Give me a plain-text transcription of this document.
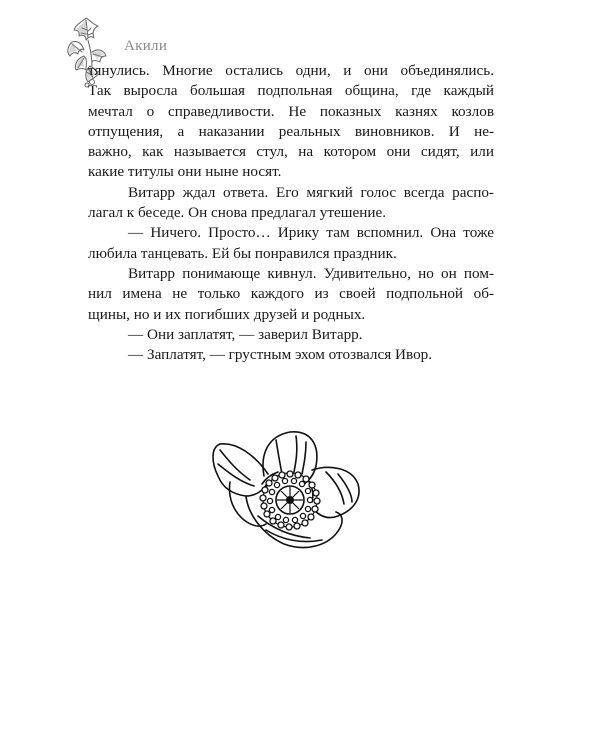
Акили
тянулись. Многие остались одни, и они объединялись.
Так выросла большая подпольная община, где каждый
мечтал о справедливости. Не показных казнях козлов
отпущения, а наказании реальных виновников. И не-
важно, как называется стул, на котором они сидят, или
какие титулы они ныне носят.
Витарр ждал ответа. Его мягкий голос всегда распо-
лагал к беседе. Он снова предлагал утешение.
— Ничего. Просто… Ирику там вспомнил. Она тоже
любила танцевать. Ей бы понравился праздник.
Витарр понимающе кивнул. Удивительно, но он пом-
нил имена не только каждого из своей подпольной об-
щины, но и их погибших друзей и родных.
— Они заплатят, — заверил Витарр.
— Заплатят, — грустным эхом отозвался Ивор.
